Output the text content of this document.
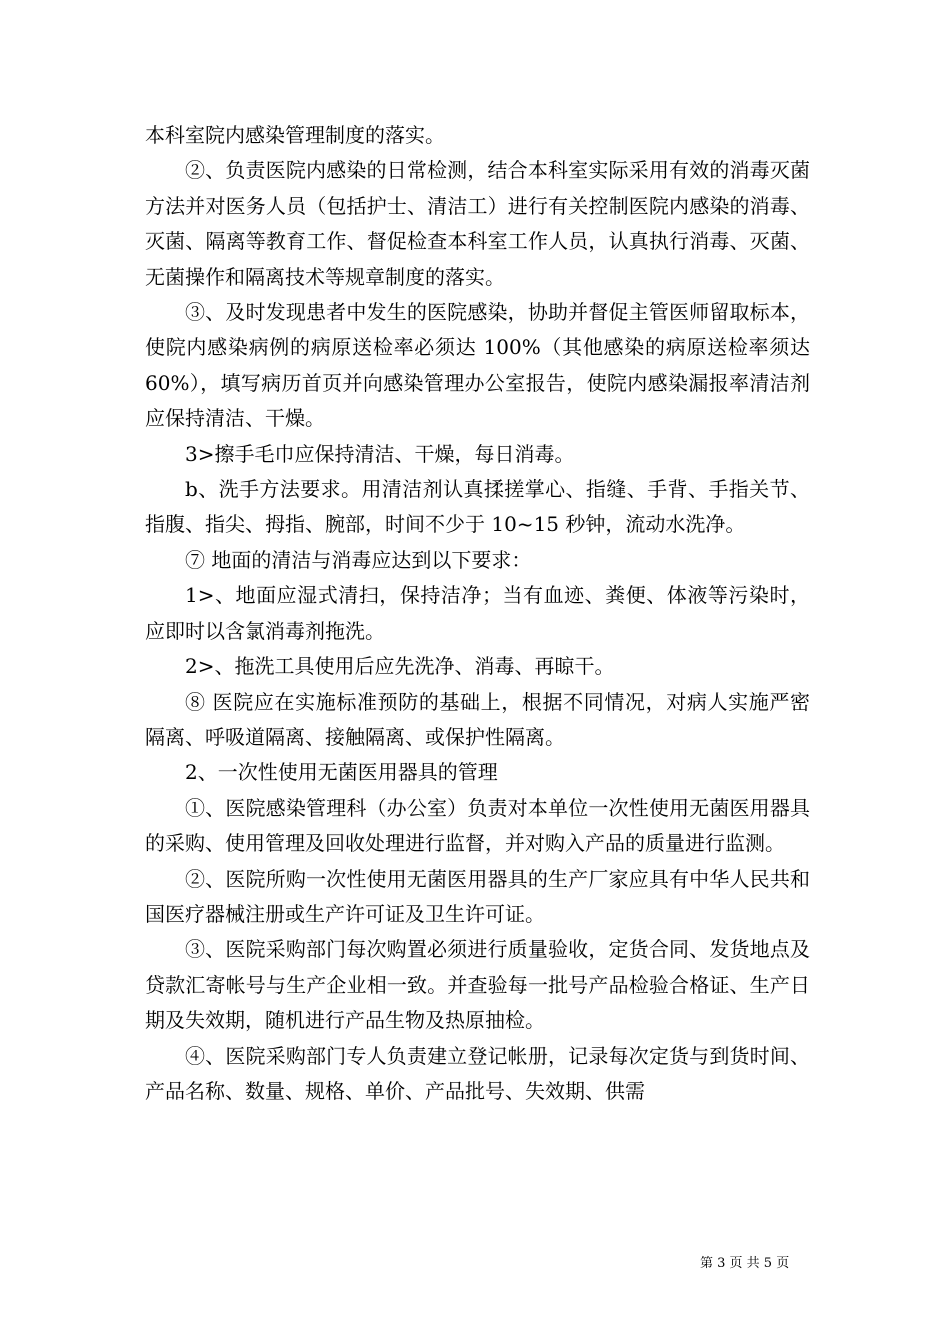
本科室院内感染管理制度的落实。

②、负责医院内感染的日常检测，结合本科室实际采用有效的消毒灭菌方法并对医务人员（包括护士、清洁工）进行有关控制医院内感染的消毒、灭菌、隔离等教育工作、督促检查本科室工作人员，认真执行消毒、灭菌、无菌操作和隔离技术等规章制度的落实。

③、及时发现患者中发生的医院感染，协助并督促主管医师留取标本，使院内感染病例的病原送检率必须达 100%（其他感染的病原送检率须达 60%），填写病历首页并向感染管理办公室报告，使院内感染漏报率清洁剂应保持清洁、干燥。

3>擦手毛巾应保持清洁、干燥，每日消毒。

b、洗手方法要求。用清洁剂认真揉搓掌心、指缝、手背、手指关节、指腹、指尖、拇指、腕部，时间不少于 10~15 秒钟，流动水洗净。

⑦ 地面的清洁与消毒应达到以下要求：

1>、地面应湿式清扫，保持洁净；当有血迹、粪便、体液等污染时，应即时以含氯消毒剂拖洗。

2>、拖洗工具使用后应先洗净、消毒、再晾干。

⑧ 医院应在实施标准预防的基础上，根据不同情况，对病人实施严密隔离、呼吸道隔离、接触隔离、或保护性隔离。

2、一次性使用无菌医用器具的管理

①、医院感染管理科（办公室）负责对本单位一次性使用无菌医用器具的采购、使用管理及回收处理进行监督，并对购入产品的质量进行监测。

②、医院所购一次性使用无菌医用器具的生产厂家应具有中华人民共和国医疗器械注册或生产许可证及卫生许可证。

③、医院采购部门每次购置必须进行质量验收，定货合同、发货地点及贷款汇寄帐号与生产企业相一致。并查验每一批号产品检验合格证、生产日期及失效期，随机进行产品生物及热原抽检。

④、医院采购部门专人负责建立登记帐册，记录每次定货与到货时间、产品名称、数量、规格、单价、产品批号、失效期、供需

第 3 页 共 5 页
